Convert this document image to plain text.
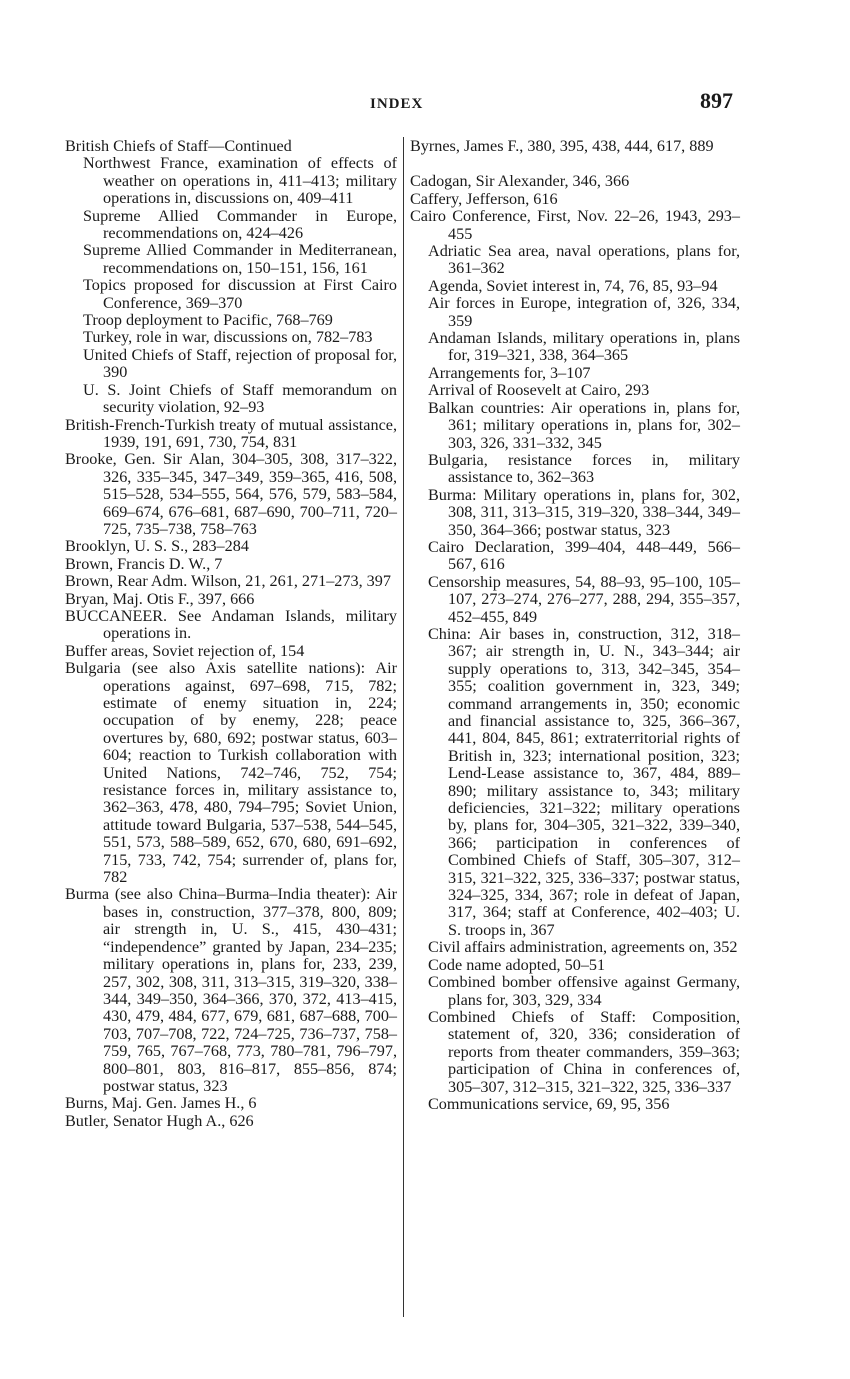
INDEX	897

British Chiefs of Staff—Continued

Northwest France, examination of effects of weather on operations in, 411–413; military operations in, discussions on, 409–411

Supreme Allied Commander in Europe, recommendations on, 424–426

Supreme Allied Commander in Mediterranean, recommendations on, 150–151, 156, 161

Topics proposed for discussion at First Cairo Conference, 369–370

Troop deployment to Pacific, 768–769

Turkey, role in war, discussions on, 782–783

United Chiefs of Staff, rejection of proposal for, 390

U. S. Joint Chiefs of Staff memorandum on security violation, 92–93

British-French-Turkish treaty of mutual assistance, 1939, 191, 691, 730, 754, 831

Brooke, Gen. Sir Alan, 304–305, 308, 317–322, 326, 335–345, 347–349, 359–365, 416, 508, 515–528, 534–555, 564, 576, 579, 583–584, 669–674, 676–681, 687–690, 700–711, 720–725, 735–738, 758–763

Brooklyn, U. S. S., 283–284

Brown, Francis D. W., 7

Brown, Rear Adm. Wilson, 21, 261, 271–273, 397

Bryan, Maj. Otis F., 397, 666

BUCCANEER. See Andaman Islands, military operations in.

Buffer areas, Soviet rejection of, 154

Bulgaria (see also Axis satellite nations): Air operations against, 697–698, 715, 782; estimate of enemy situation in, 224; occupation of by enemy, 228; peace overtures by, 680, 692; postwar status, 603–604; reaction to Turkish collaboration with United Nations, 742–746, 752, 754; resistance forces in, military assistance to, 362–363, 478, 480, 794–795; Soviet Union, attitude toward Bulgaria, 537–538, 544–545, 551, 573, 588–589, 652, 670, 680, 691–692, 715, 733, 742, 754; surrender of, plans for, 782

Burma (see also China–Burma–India theater): Air bases in, construction, 377–378, 800, 809; air strength in, U. S., 415, 430–431; “independence” granted by Japan, 234–235; military operations in, plans for, 233, 239, 257, 302, 308, 311, 313–315, 319–320, 338–344, 349–350, 364–366, 370, 372, 413–415, 430, 479, 484, 677, 679, 681, 687–688, 700–703, 707–708, 722, 724–725, 736–737, 758–759, 765, 767–768, 773, 780–781, 796–797, 800–801, 803, 816–817, 855–856, 874; postwar status, 323

Burns, Maj. Gen. James H., 6

Butler, Senator Hugh A., 626

Byrnes, James F., 380, 395, 438, 444, 617, 889

Cadogan, Sir Alexander, 346, 366

Caffery, Jefferson, 616

Cairo Conference, First, Nov. 22–26, 1943, 293–455

Adriatic Sea area, naval operations, plans for, 361–362

Agenda, Soviet interest in, 74, 76, 85, 93–94

Air forces in Europe, integration of, 326, 334, 359

Andaman Islands, military operations in, plans for, 319–321, 338, 364–365

Arrangements for, 3–107

Arrival of Roosevelt at Cairo, 293

Balkan countries: Air operations in, plans for, 361; military operations in, plans for, 302–303, 326, 331–332, 345

Bulgaria, resistance forces in, military assistance to, 362–363

Burma: Military operations in, plans for, 302, 308, 311, 313–315, 319–320, 338–344, 349–350, 364–366; postwar status, 323

Cairo Declaration, 399–404, 448–449, 566–567, 616

Censorship measures, 54, 88–93, 95–100, 105–107, 273–274, 276–277, 288, 294, 355–357, 452–455, 849

China: Air bases in, construction, 312, 318–367; air strength in, U. N., 343–344; air supply operations to, 313, 342–345, 354–355; coalition government in, 323, 349; command arrangements in, 350; economic and financial assistance to, 325, 366–367, 441, 804, 845, 861; extraterritorial rights of British in, 323; international position, 323; Lend-Lease assistance to, 367, 484, 889–890; military assistance to, 343; military deficiencies, 321–322; military operations by, plans for, 304–305, 321–322, 339–340, 366; participation in conferences of Combined Chiefs of Staff, 305–307, 312–315, 321–322, 325, 336–337; postwar status, 324–325, 334, 367; role in defeat of Japan, 317, 364; staff at Conference, 402–403; U. S. troops in, 367

Civil affairs administration, agreements on, 352

Code name adopted, 50–51

Combined bomber offensive against Germany, plans for, 303, 329, 334

Combined Chiefs of Staff: Composition, statement of, 320, 336; consideration of reports from theater commanders, 359–363; participation of China in conferences of, 305–307, 312–315, 321–322, 325, 336–337

Communications service, 69, 95, 356
